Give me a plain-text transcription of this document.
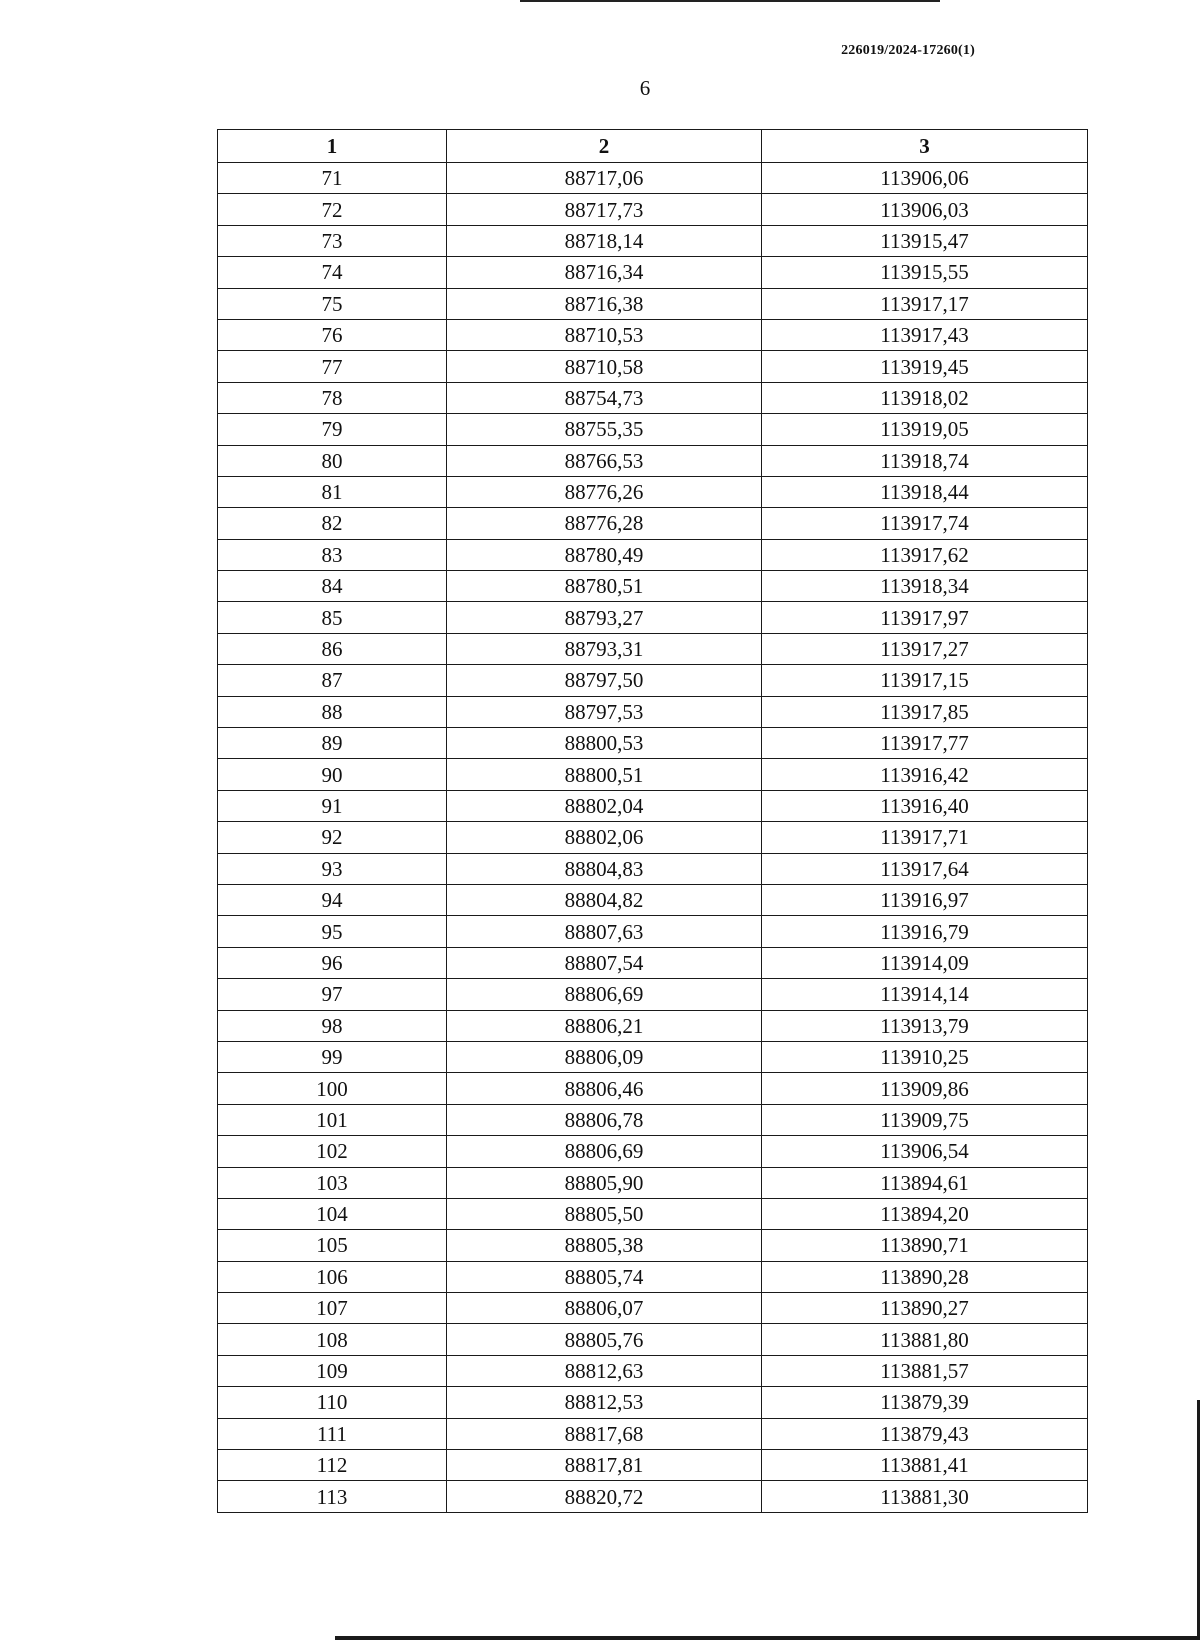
226019/2024-17260(1)
6
1	2	3
71	88717,06	113906,06
72	88717,73	113906,03
73	88718,14	113915,47
74	88716,34	113915,55
75	88716,38	113917,17
76	88710,53	113917,43
77	88710,58	113919,45
78	88754,73	113918,02
79	88755,35	113919,05
80	88766,53	113918,74
81	88776,26	113918,44
82	88776,28	113917,74
83	88780,49	113917,62
84	88780,51	113918,34
85	88793,27	113917,97
86	88793,31	113917,27
87	88797,50	113917,15
88	88797,53	113917,85
89	88800,53	113917,77
90	88800,51	113916,42
91	88802,04	113916,40
92	88802,06	113917,71
93	88804,83	113917,64
94	88804,82	113916,97
95	88807,63	113916,79
96	88807,54	113914,09
97	88806,69	113914,14
98	88806,21	113913,79
99	88806,09	113910,25
100	88806,46	113909,86
101	88806,78	113909,75
102	88806,69	113906,54
103	88805,90	113894,61
104	88805,50	113894,20
105	88805,38	113890,71
106	88805,74	113890,28
107	88806,07	113890,27
108	88805,76	113881,80
109	88812,63	113881,57
110	88812,53	113879,39
111	88817,68	113879,43
112	88817,81	113881,41
113	88820,72	113881,30
